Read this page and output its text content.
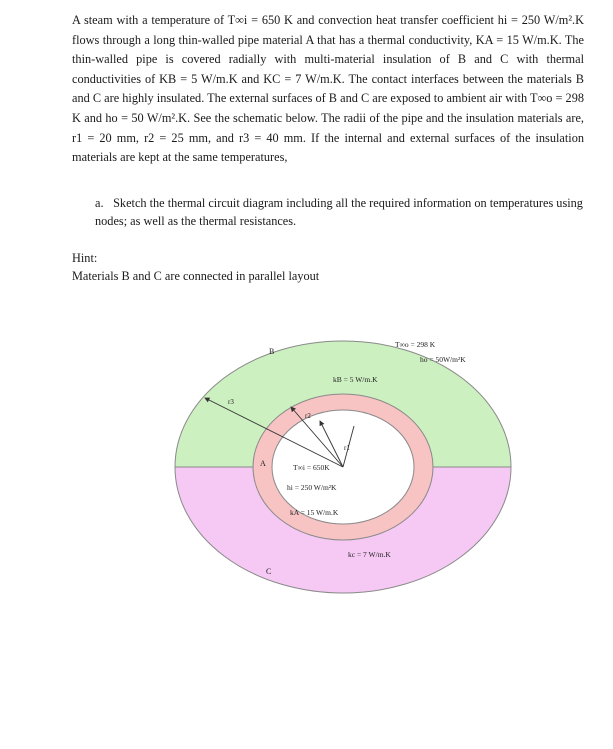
A steam with a temperature of T∞i = 650 K and convection heat transfer coefficient hi = 250 W/m².K flows through a long thin-walled pipe material A that has a thermal conductivity, KA = 15 W/m.K. The thin-walled pipe is covered radially with multi-material insulation of B and C with thermal conductivities of KB = 5 W/m.K and KC = 7 W/m.K. The contact interfaces between the materials B and C are highly insulated. The external surfaces of B and C are exposed to ambient air with T∞o = 298 K and ho = 50 W/m².K. See the schematic below. The radii of the pipe and the insulation materials are, r1 = 20 mm, r2 = 25 mm, and r3 = 40 mm. If the internal and external surfaces of the insulation materials are kept at the same temperatures,

a. Sketch the thermal circuit diagram including all the required information on temperatures using nodes; as well as the thermal resistances.
Hint:
Materials B and C are connected in parallel layout
B
A
C
r1
r2
r3
T∞o = 298 K
ho = 50W/m²K
kB = 5 W/m.K
kc = 7 W/m.K
T∞i = 650K
hi = 250 W/m²K
kA = 15 W/m.K
